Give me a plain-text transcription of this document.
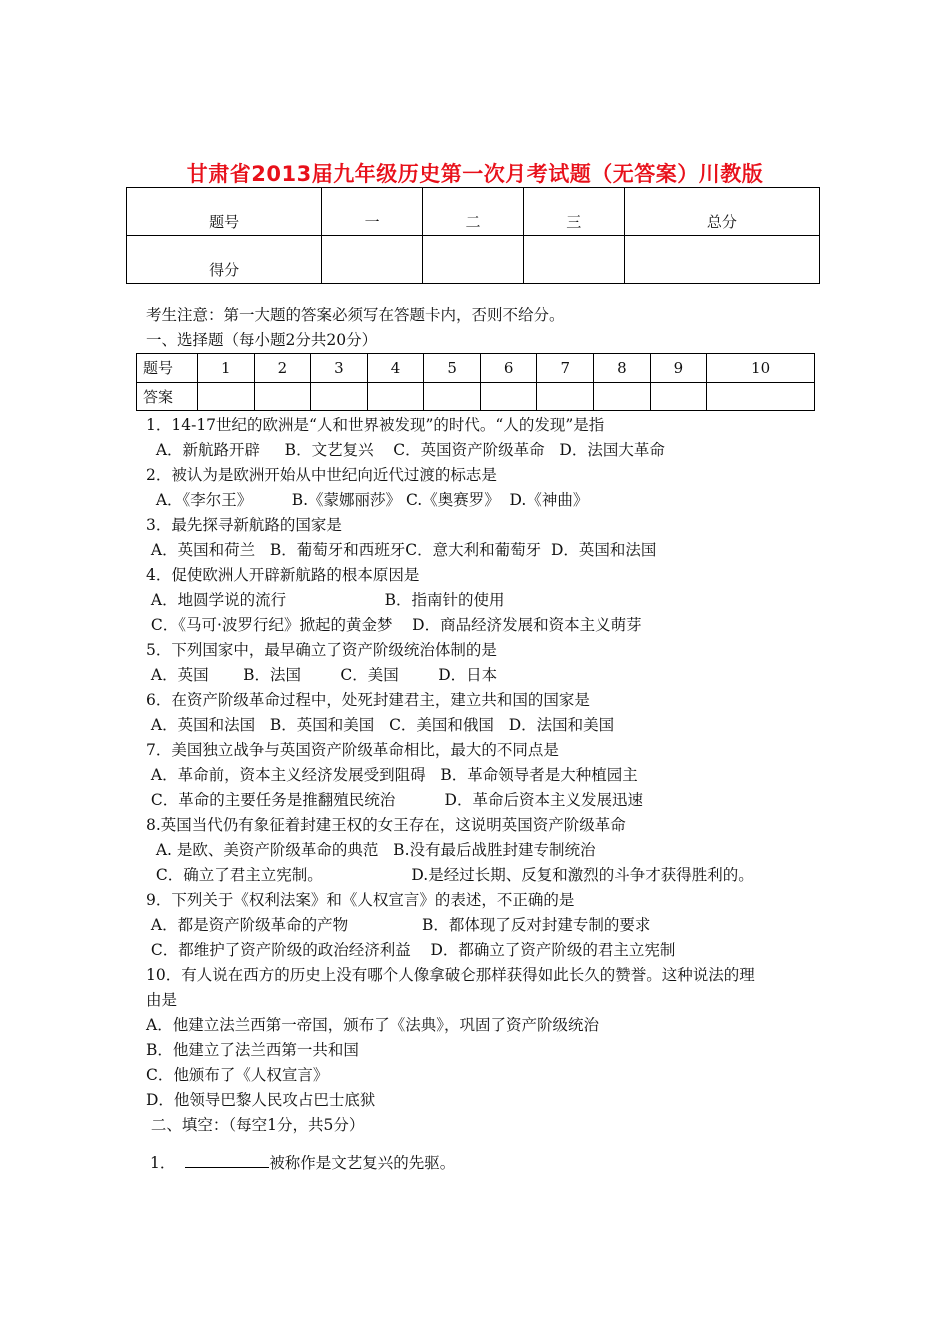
甘肃省2013届九年级历史第一次月考试题（无答案）川教版
题号	一	二	三	总分
得分				
考生注意：第一大题的答案必须写在答题卡内，否则不给分。
一、选择题（每小题2分共20分）
题号	1	2	3	4	5	6	7	8	9	10
答案										
1．14-17世纪的欧洲是“人和世界被发现”的时代。“人的发现”是指
A．新航路开辟     B．文艺复兴    C．英国资产阶级革命   D．法国大革命
2．被认为是欧洲开始从中世纪向近代过渡的标志是
A．《李尔王》        B.《蒙娜丽莎》 C.《奥赛罗》  D.《神曲》
3．最先探寻新航路的国家是
A．英国和荷兰   B．葡萄牙和西班牙C．意大利和葡萄牙  D．英国和法国
4．促使欧洲人开辟新航路的根本原因是
A．地圆学说的流行                    B．指南针的使用
C．《马可·波罗行纪》掀起的黄金梦    D．商品经济发展和资本主义萌芽
5．下列国家中，最早确立了资产阶级统治体制的是
A．英国       B．法国        C．美国        D．日本
6．在资产阶级革命过程中，处死封建君主，建立共和国的国家是
A．英国和法国   B．英国和美国   C．美国和俄国   D．法国和美国
7．美国独立战争与英国资产阶级革命相比，最大的不同点是
A．革命前，资本主义经济发展受到阻碍   B．革命领导者是大种植园主
C．革命的主要任务是推翻殖民统治          D．革命后资本主义发展迅速
8.英国当代仍有象征着封建王权的女王存在，这说明英国资产阶级革命
A. 是欧、美资产阶级革命的典范   B.没有最后战胜封建专制统治
C．确立了君主立宪制。                  D.是经过长期、反复和激烈的斗争才获得胜利的。
9．下列关于《权利法案》和《人权宣言》的表述，不正确的是
A．都是资产阶级革命的产物               B．都体现了反对封建专制的要求
C．都维护了资产阶级的政治经济利益    D．都确立了资产阶级的君主立宪制
10．有人说在西方的历史上没有哪个人像拿破仑那样获得如此长久的赞誉。这种说法的理
由是
A．他建立法兰西第一帝国，颁布了《法典》，巩固了资产阶级统治
B．他建立了法兰西第一共和国
C．他颁布了《人权宣言》
D．他领导巴黎人民攻占巴士底狱
二、填空：（每空1分，共5分）
1．	被称作是文艺复兴的先驱。
